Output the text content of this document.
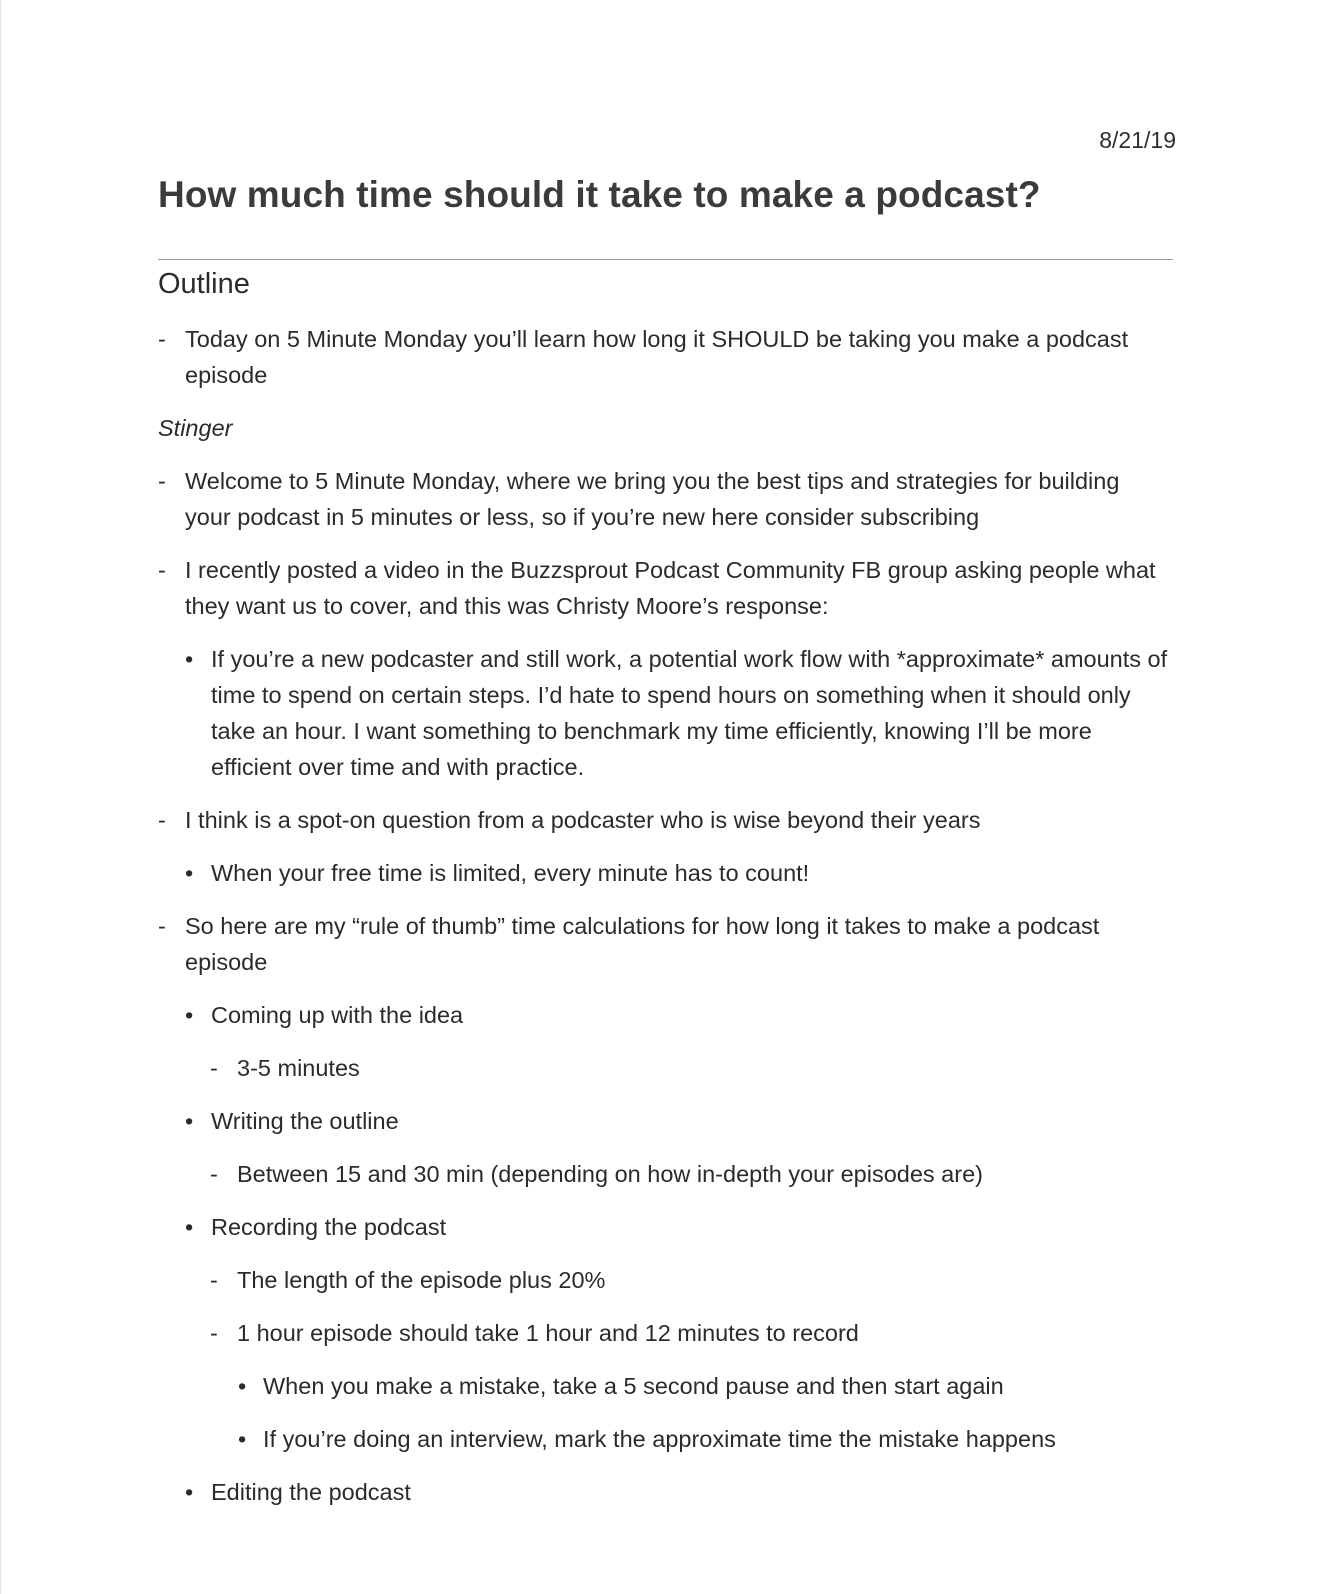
8/21/19
How much time should it take to make a podcast?
Outline
- Today on 5 Minute Monday you’ll learn how long it SHOULD be taking you make a podcast episode
Stinger
- Welcome to 5 Minute Monday, where we bring you the best tips and strategies for building your podcast in 5 minutes or less, so if you’re new here consider subscribing
- I recently posted a video in the Buzzsprout Podcast Community FB group asking people what they want us to cover, and this was Christy Moore’s response:
• If you’re a new podcaster and still work, a potential work flow with *approximate* amounts of time to spend on certain steps. I’d hate to spend hours on something when it should only take an hour. I want something to benchmark my time efficiently, knowing I’ll be more efficient over time and with practice.
- I think is a spot-on question from a podcaster who is wise beyond their years
• When your free time is limited, every minute has to count!
- So here are my “rule of thumb” time calculations for how long it takes to make a podcast episode
• Coming up with the idea
- 3-5 minutes
• Writing the outline
- Between 15 and 30 min (depending on how in-depth your episodes are)
• Recording the podcast
- The length of the episode plus 20%
- 1 hour episode should take 1 hour and 12 minutes to record
• When you make a mistake, take a 5 second pause and then start again
• If you’re doing an interview, mark the approximate time the mistake happens
• Editing the podcast
